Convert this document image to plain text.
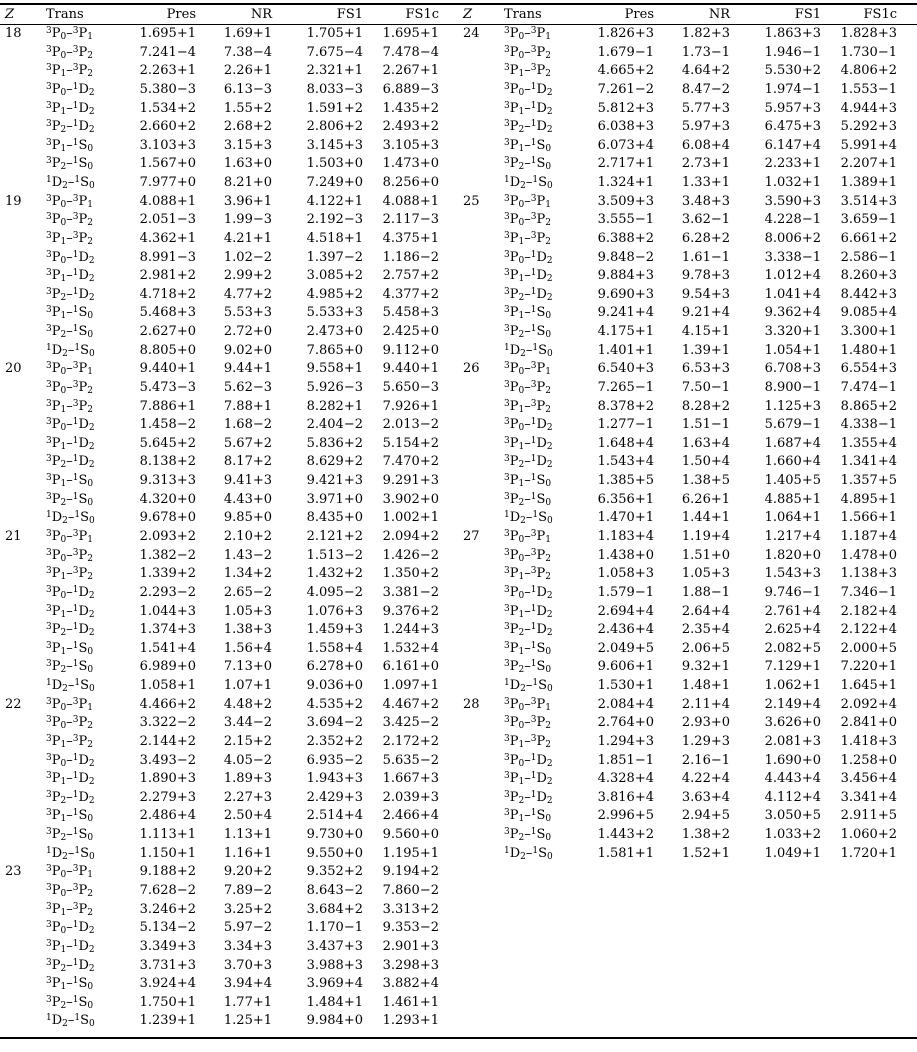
Z Trans	Pres	NR	FS1	FS1c Z Trans	Pres	NR	FS1	FS1c
18	$^3P_0-^3P_1$	1.695+1	1.69+1	1.705+1	1.695+1
$^3P_0-^3P_2$	7.241−4	7.38−4	7.675−4	7.478−4
$^3P_1-^3P_2$	2.263+1	2.26+1	2.321+1	2.267+1
$^3P_0-^1D_2$	5.380−3	6.13−3	8.033−3	6.889−3
$^3P_1-^1D_2$	1.534+2	1.55+2	1.591+2	1.435+2
$^3P_2-^1D_2$	2.660+2	2.68+2	2.806+2	2.493+2
$^3P_1-^1S_0$	3.103+3	3.15+3	3.145+3	3.105+3
$^3P_2-^1S_0$	1.567+0	1.63+0	1.503+0	1.473+0
$^1D_2-^1S_0$	7.977+0	8.21+0	7.249+0	8.256+0
19	$^3P_0-^3P_1$	4.088+1	3.96+1	4.122+1	4.088+1
$^3P_0-^3P_2$	2.051−3	1.99−3	2.192−3	2.117−3
$^3P_1-^3P_2$	4.362+1	4.21+1	4.518+1	4.375+1
$^3P_0-^1D_2$	8.991−3	1.02−2	1.397−2	1.186−2
$^3P_1-^1D_2$	2.981+2	2.99+2	3.085+2	2.757+2
$^3P_2-^1D_2$	4.718+2	4.77+2	4.985+2	4.377+2
$^3P_1-^1S_0$	5.468+3	5.53+3	5.533+3	5.458+3
$^3P_2-^1S_0$	2.627+0	2.72+0	2.473+0	2.425+0
$^1D_2-^1S_0$	8.805+0	9.02+0	7.865+0	9.112+0
20	$^3P_0-^3P_1$	9.440+1	9.44+1	9.558+1	9.440+1
$^3P_0-^3P_2$	5.473−3	5.62−3	5.926−3	5.650−3
$^3P_1-^3P_2$	7.886+1	7.88+1	8.282+1	7.926+1
$^3P_0-^1D_2$	1.458−2	1.68−2	2.404−2	2.013−2
$^3P_1-^1D_2$	5.645+2	5.67+2	5.836+2	5.154+2
$^3P_2-^1D_2$	8.138+2	8.17+2	8.629+2	7.470+2
$^3P_1-^1S_0$	9.313+3	9.41+3	9.421+3	9.291+3
$^3P_2-^1S_0$	4.320+0	4.43+0	3.971+0	3.902+0
$^1D_2-^1S_0$	9.678+0	9.85+0	8.435+0	1.002+1
21	$^3P_0-^3P_1$	2.093+2	2.10+2	2.121+2	2.094+2
$^3P_0-^3P_2$	1.382−2	1.43−2	1.513−2	1.426−2
$^3P_1-^3P_2$	1.339+2	1.34+2	1.432+2	1.350+2
$^3P_0-^1D_2$	2.293−2	2.65−2	4.095−2	3.381−2
$^3P_1-^1D_2$	1.044+3	1.05+3	1.076+3	9.376+2
$^3P_2-^1D_2$	1.374+3	1.38+3	1.459+3	1.244+3
$^3P_1-^1S_0$	1.541+4	1.56+4	1.558+4	1.532+4
$^3P_2-^1S_0$	6.989+0	7.13+0	6.278+0	6.161+0
$^1D_2-^1S_0$	1.058+1	1.07+1	9.036+0	1.097+1
22	$^3P_0-^3P_1$	4.466+2	4.48+2	4.535+2	4.467+2
$^3P_0-^3P_2$	3.322−2	3.44−2	3.694−2	3.425−2
$^3P_1-^3P_2$	2.144+2	2.15+2	2.352+2	2.172+2
$^3P_0-^1D_2$	3.493−2	4.05−2	6.935−2	5.635−2
$^3P_1-^1D_2$	1.890+3	1.89+3	1.943+3	1.667+3
$^3P_2-^1D_2$	2.279+3	2.27+3	2.429+3	2.039+3
$^3P_1-^1S_0$	2.486+4	2.50+4	2.514+4	2.466+4
$^3P_2-^1S_0$	1.113+1	1.13+1	9.730+0	9.560+0
$^1D_2-^1S_0$	1.150+1	1.16+1	9.550+0	1.195+1
23	$^3P_0-^3P_1$	9.188+2	9.20+2	9.352+2	9.194+2
$^3P_0-^3P_2$	7.628−2	7.89−2	8.643−2	7.860−2
$^3P_1-^3P_2$	3.246+2	3.25+2	3.684+2	3.313+2
$^3P_0-^1D_2$	5.134−2	5.97−2	1.170−1	9.353−2
$^3P_1-^1D_2$	3.349+3	3.34+3	3.437+3	2.901+3
$^3P_2-^1D_2$	3.731+3	3.70+3	3.988+3	3.298+3
$^3P_1-^1S_0$	3.924+4	3.94+4	3.969+4	3.882+4
$^3P_2-^1S_0$	1.750+1	1.77+1	1.484+1	1.461+1
$^1D_2-^1S_0$	1.239+1	1.25+1	9.984+0	1.293+1
24	$^3P_0-^3P_1$	1.826+3	1.82+3	1.863+3	1.828+3
$^3P_0-^3P_2$	1.679−1	1.73−1	1.946−1	1.730−1
$^3P_1-^3P_2$	4.665+2	4.64+2	5.530+2	4.806+2
$^3P_0-^1D_2$	7.261−2	8.47−2	1.974−1	1.553−1
$^3P_1-^1D_2$	5.812+3	5.77+3	5.957+3	4.944+3
$^3P_2-^1D_2$	6.038+3	5.97+3	6.475+3	5.292+3
$^3P_1-^1S_0$	6.073+4	6.08+4	6.147+4	5.991+4
$^3P_2-^1S_0$	2.717+1	2.73+1	2.233+1	2.207+1
$^1D_2-^1S_0$	1.324+1	1.33+1	1.032+1	1.389+1
25	$^3P_0-^3P_1$	3.509+3	3.48+3	3.590+3	3.514+3
$^3P_0-^3P_2$	3.555−1	3.62−1	4.228−1	3.659−1
$^3P_1-^3P_2$	6.388+2	6.28+2	8.006+2	6.661+2
$^3P_0-^1D_2$	9.848−2	1.61−1	3.338−1	2.586−1
$^3P_1-^1D_2$	9.884+3	9.78+3	1.012+4	8.260+3
$^3P_2-^1D_2$	9.690+3	9.54+3	1.041+4	8.442+3
$^3P_1-^1S_0$	9.241+4	9.21+4	9.362+4	9.085+4
$^3P_2-^1S_0$	4.175+1	4.15+1	3.320+1	3.300+1
$^1D_2-^1S_0$	1.401+1	1.39+1	1.054+1	1.480+1
26	$^3P_0-^3P_1$	6.540+3	6.53+3	6.708+3	6.554+3
$^3P_0-^3P_2$	7.265−1	7.50−1	8.900−1	7.474−1
$^3P_1-^3P_2$	8.378+2	8.28+2	1.125+3	8.865+2
$^3P_0-^1D_2$	1.277−1	1.51−1	5.679−1	4.338−1
$^3P_1-^1D_2$	1.648+4	1.63+4	1.687+4	1.355+4
$^3P_2-^1D_2$	1.543+4	1.50+4	1.660+4	1.341+4
$^3P_1-^1S_0$	1.385+5	1.38+5	1.405+5	1.357+5
$^3P_2-^1S_0$	6.356+1	6.26+1	4.885+1	4.895+1
$^1D_2-^1S_0$	1.470+1	1.44+1	1.064+1	1.566+1
27	$^3P_0-^3P_1$	1.183+4	1.19+4	1.217+4	1.187+4
$^3P_0-^3P_2$	1.438+0	1.51+0	1.820+0	1.478+0
$^3P_1-^3P_2$	1.058+3	1.05+3	1.543+3	1.138+3
$^3P_0-^1D_2$	1.579−1	1.88−1	9.746−1	7.346−1
$^3P_1-^1D_2$	2.694+4	2.64+4	2.761+4	2.182+4
$^3P_2-^1D_2$	2.436+4	2.35+4	2.625+4	2.122+4
$^3P_1-^1S_0$	2.049+5	2.06+5	2.082+5	2.000+5
$^3P_2-^1S_0$	9.606+1	9.32+1	7.129+1	7.220+1
$^1D_2-^1S_0$	1.530+1	1.48+1	1.062+1	1.645+1
28	$^3P_0-^3P_1$	2.084+4	2.11+4	2.149+4	2.092+4
$^3P_0-^3P_2$	2.764+0	2.93+0	3.626+0	2.841+0
$^3P_1-^3P_2$	1.294+3	1.29+3	2.081+3	1.418+3
$^3P_0-^1D_2$	1.851−1	2.16−1	1.690+0	1.258+0
$^3P_1-^1D_2$	4.328+4	4.22+4	4.443+4	3.456+4
$^3P_2-^1D_2$	3.816+4	3.63+4	4.112+4	3.341+4
$^3P_1-^1S_0$	2.996+5	2.94+5	3.050+5	2.911+5
$^3P_2-^1S_0$	1.443+2	1.38+2	1.033+2	1.060+2
$^1D_2-^1S_0$	1.581+1	1.52+1	1.049+1	1.720+1
